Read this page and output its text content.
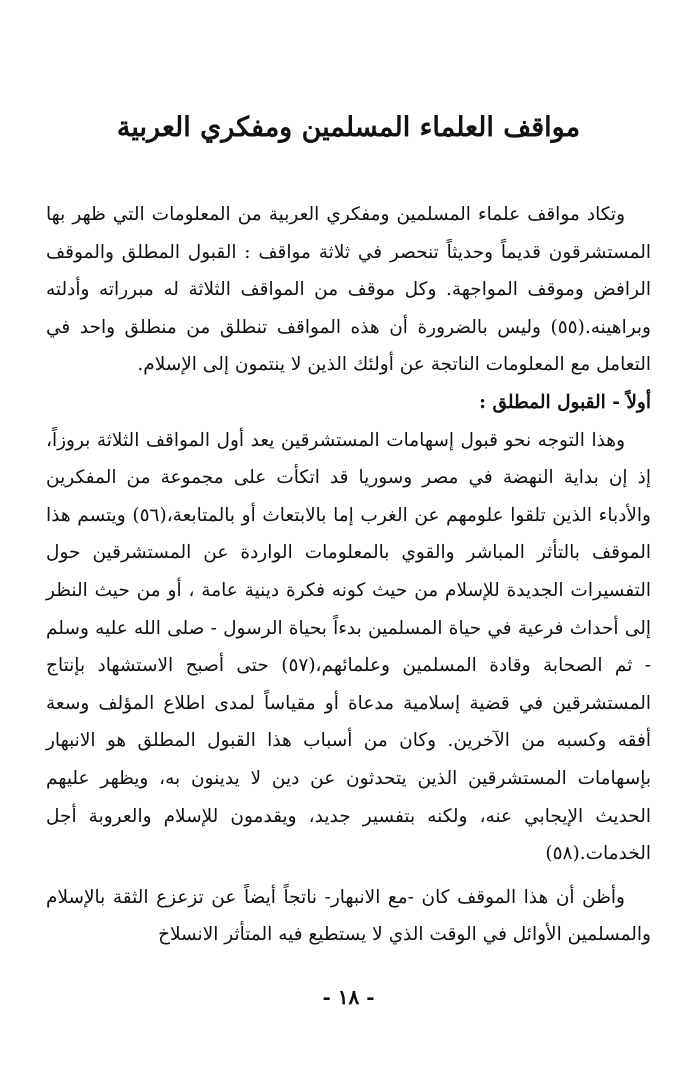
مواقف العلماء المسلمين ومفكري العربية

وتكاد مواقف علماء المسلمين ومفكري العربية من المعلومات التي ظهر بها المستشرقون قديماً وحديثاً تنحصر في ثلاثة مواقف : القبول المطلق والموقف الرافض وموقف المواجهة. وكل موقف من المواقف الثلاثة له مبرراته وأدلته وبراهينه.(٥٥) وليس بالضرورة أن هذه المواقف تنطلق من منطلق واحد في التعامل مع المعلومات الناتجة عن أولئك الذين لا ينتمون إلى الإسلام.

أولاً - القبول المطلق :

وهذا التوجه نحو قبول إسهامات المستشرقين يعد أول المواقف الثلاثة بروزاً، إذ إن بداية النهضة في مصر وسوريا قد اتكأت على مجموعة من المفكرين والأدباء الذين تلقوا علومهم عن الغرب إما بالابتعاث أو بالمتابعة،(٥٦) ويتسم هذا الموقف بالتأثر المباشر والقوي بالمعلومات الواردة عن المستشرقين حول التفسيرات الجديدة للإسلام من حيث كونه فكرة دينية عامة ، أو من حيث النظر إلى أحداث فرعية في حياة المسلمين بدءاً بحياة الرسول - صلى الله عليه وسلم - ثم الصحابة وقادة المسلمين وعلمائهم،(٥٧) حتى أصبح الاستشهاد بإنتاج المستشرقين في قضية إسلامية مدعاة أو مقياساً لمدى اطلاع المؤلف وسعة أفقه وكسبه من الآخرين. وكان من أسباب هذا القبول المطلق هو الانبهار بإسهامات المستشرقين الذين يتحدثون عن دين لا يدينون به، ويظهر عليهم الحديث الإيجابي عنه، ولكنه بتفسير جديد، ويقدمون للإسلام والعروبة أجل الخدمات.(٥٨)

وأظن أن هذا الموقف كان -مع الانبهار- ناتجاً أيضاً عن تزعزع الثقة بالإسلام والمسلمين الأوائل في الوقت الذي لا يستطيع فيه المتأثر الانسلاخ

- ١٨ -
